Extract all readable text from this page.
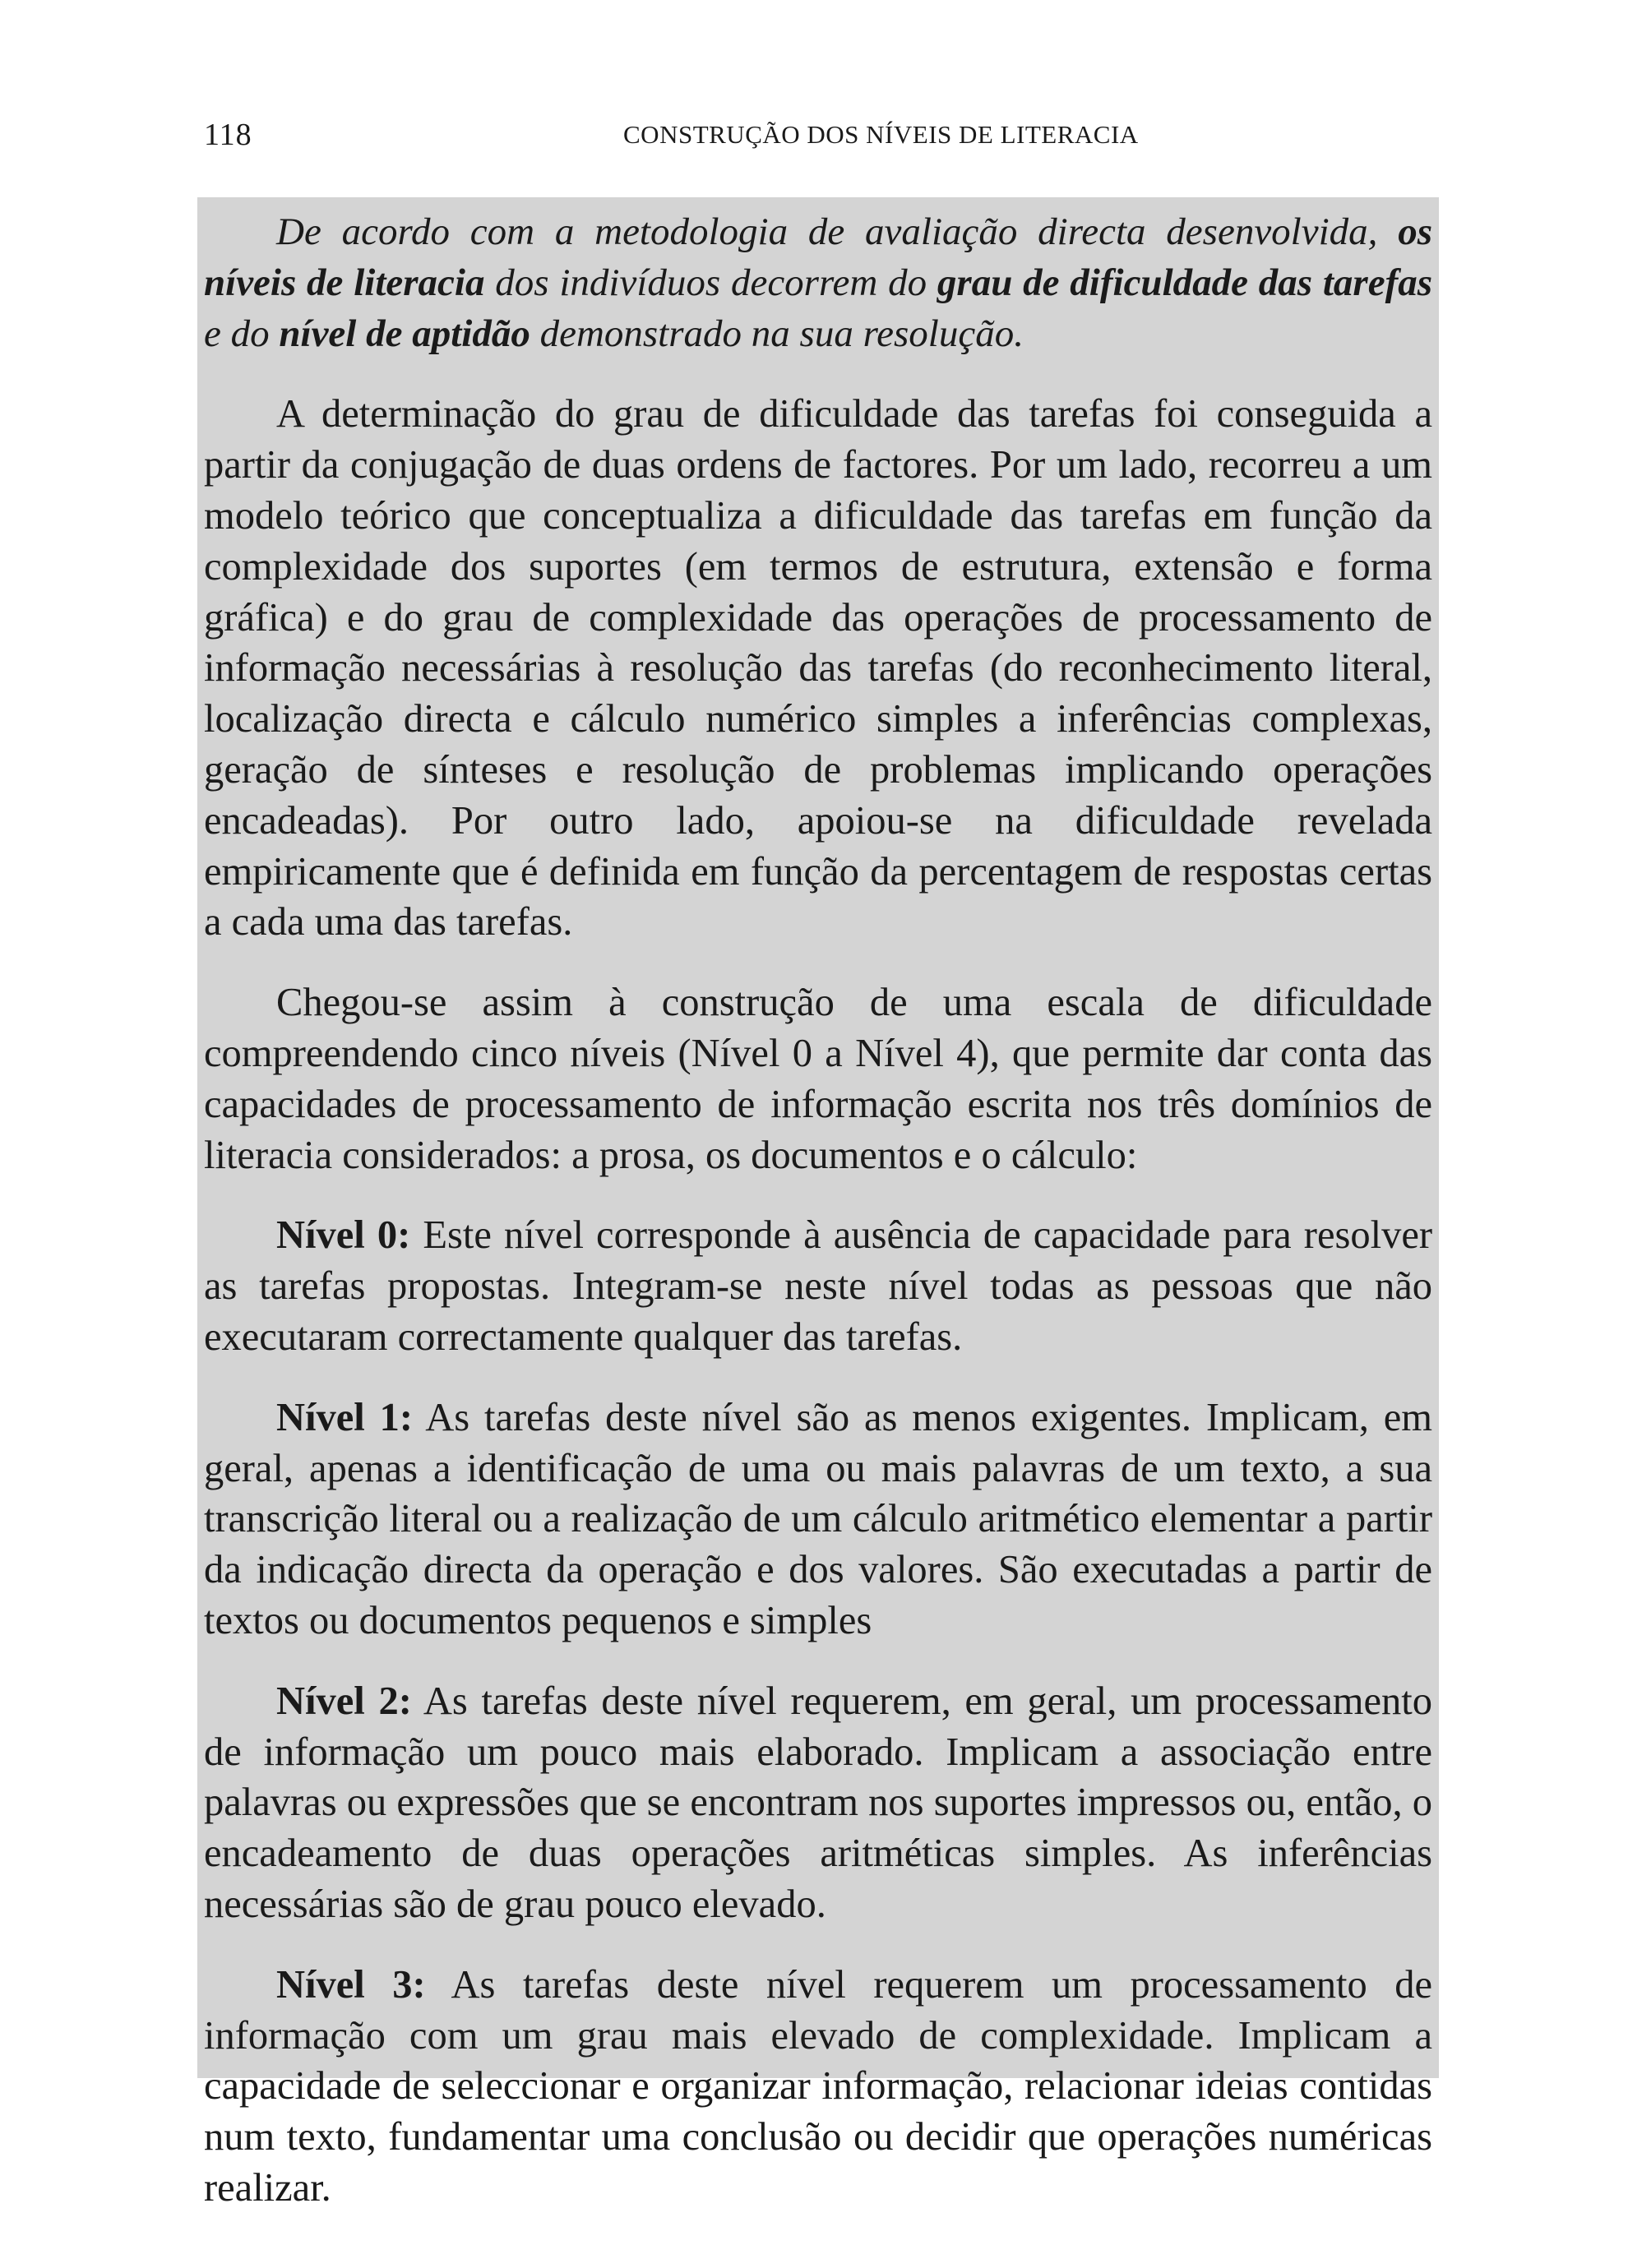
118	CONSTRUÇÃO DOS NÍVEIS DE LITERACIA

De acordo com a metodologia de avaliação directa desenvolvida, os níveis de literacia dos indivíduos decorrem do grau de dificuldade das tarefas e do nível de aptidão demonstrado na sua resolução.

A determinação do grau de dificuldade das tarefas foi conseguida a partir da conjugação de duas ordens de factores. Por um lado, recorreu a um modelo teórico que conceptualiza a dificuldade das tarefas em função da complexidade dos suportes (em termos de estrutura, extensão e forma gráfica) e do grau de complexidade das operações de processamento de informação necessárias à resolução das tarefas (do reconhecimento literal, localização directa e cálculo numérico simples a inferências complexas, geração de sínteses e resolução de problemas implicando operações encadeadas). Por outro lado, apoiou-se na dificuldade revelada empiricamente que é definida em função da percentagem de respostas certas a cada uma das tarefas.

Chegou-se assim à construção de uma escala de dificuldade compreendendo cinco níveis (Nível 0 a Nível 4), que permite dar conta das capacidades de processamento de informação escrita nos três domínios de literacia considerados: a prosa, os documentos e o cálculo:

Nível 0: Este nível corresponde à ausência de capacidade para resolver as tarefas propostas. Integram-se neste nível todas as pessoas que não executaram correctamente qualquer das tarefas.

Nível 1: As tarefas deste nível são as menos exigentes. Implicam, em geral, apenas a identificação de uma ou mais palavras de um texto, a sua transcrição literal ou a realização de um cálculo aritmético elementar a partir da indicação directa da operação e dos valores. São executadas a partir de textos ou documentos pequenos e simples

Nível 2: As tarefas deste nível requerem, em geral, um processamento de informação um pouco mais elaborado. Implicam a associação entre palavras ou expressões que se encontram nos suportes impressos ou, então, o encadeamento de duas operações aritméticas simples. As inferências necessárias são de grau pouco elevado.

Nível 3: As tarefas deste nível requerem um processamento de informação com um grau mais elevado de complexidade. Implicam a capacidade de seleccionar e organizar informação, relacionar ideias contidas num texto, fundamentar uma conclusão ou decidir que operações numéricas realizar.
